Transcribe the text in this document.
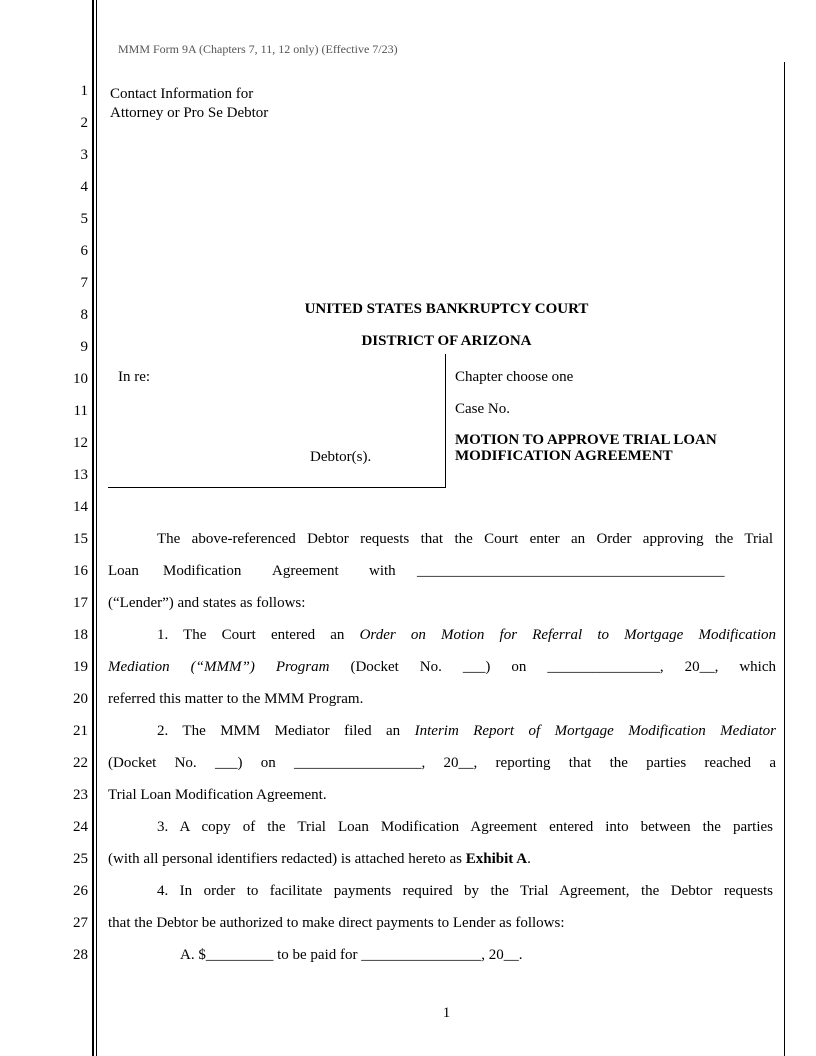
MMM Form 9A (Chapters 7, 11, 12 only) (Effective 7/23)
1
2
3
4
5
6
7
8
9
10
11
12
13
14
15
16
17
18
19
20
21
22
23
24
25
26
27
28
Contact Information for
Attorney or Pro Se Debtor
UNITED STATES BANKRUPTCY COURT
DISTRICT OF ARIZONA
In re:
Debtor(s).
Chapter choose one
Case No.
MOTION TO APPROVE TRIAL LOAN
MODIFICATION AGREEMENT
The above-referenced Debtor requests that the Court enter an Order approving the Trial
Loan Modification Agreement with _________________________________________
(“Lender”) and states as follows:
1. The Court entered an Order on Motion for Referral to Mortgage Modification
Mediation (“MMM”) Program (Docket No. ___) on _______________, 20__, which
referred this matter to the MMM Program.
2. The MMM Mediator filed an Interim Report of Mortgage Modification Mediator
(Docket No. ___) on _________________, 20__, reporting that the parties reached a
Trial Loan Modification Agreement.
3. A copy of the Trial Loan Modification Agreement entered into between the parties
(with all personal identifiers redacted) is attached hereto as Exhibit A.
4. In order to facilitate payments required by the Trial Agreement, the Debtor requests
that the Debtor be authorized to make direct payments to Lender as follows:
A. $_________ to be paid for ________________, 20__.
1
